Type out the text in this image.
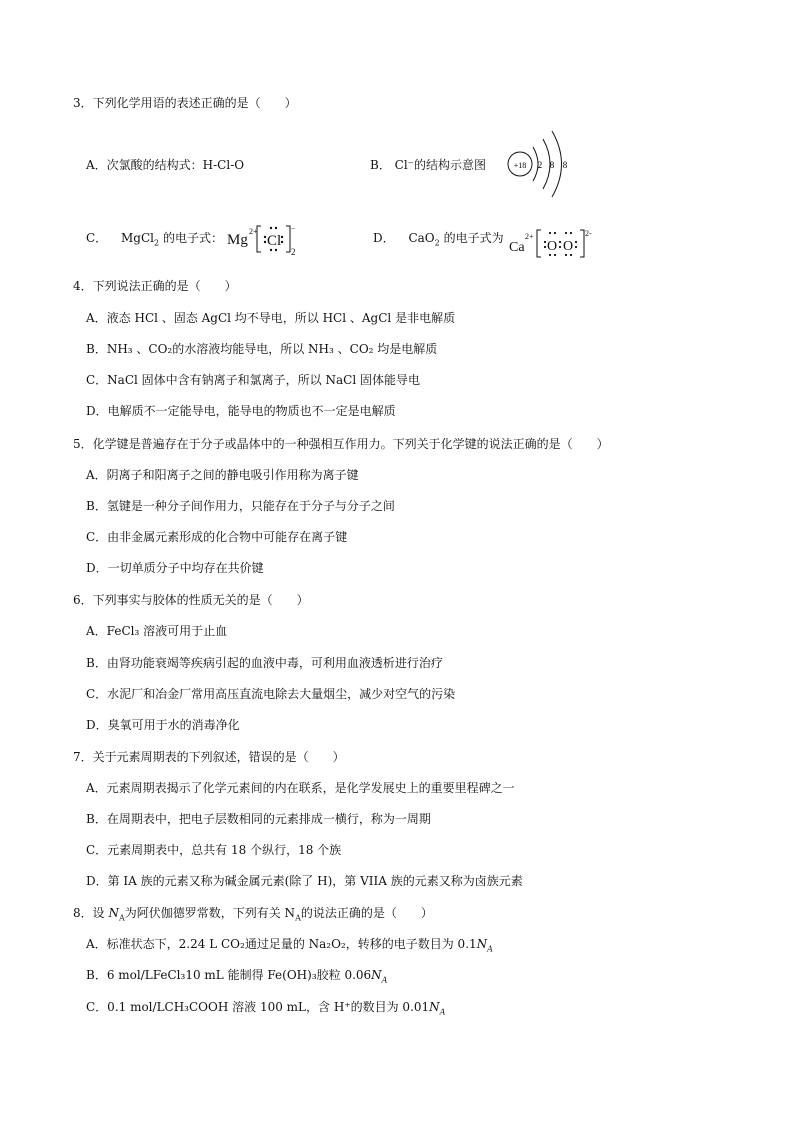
3．下列化学用语的表述正确的是（　　）
A．次氯酸的结构式：H-Cl-O	B． Cl⁻的结构示意图	+18 2 8 8
C． MgCl$_2$ 的电子式： Mg
2+
Cl
−
2
D． CaO$_2$ 的电子式为
Ca
2+
O O
2-
4．下列说法正确的是（　　）
A．液态 HCl 、固态 AgCl 均不导电，所以 HCl 、AgCl 是非电解质
B．NH₃ 、CO₂的水溶液均能导电，所以 NH₃ 、CO₂ 均是电解质
C．NaCl 固体中含有钠离子和氯离子，所以 NaCl 固体能导电
D．电解质不一定能导电，能导电的物质也不一定是电解质
5．化学键是普遍存在于分子或晶体中的一种强相互作用力。下列关于化学键的说法正确的是（　　）
A．阴离子和阳离子之间的静电吸引作用称为离子键
B．氢键是一种分子间作用力，只能存在于分子与分子之间
C．由非金属元素形成的化合物中可能存在离子键
D．一切单质分子中均存在共价键
6．下列事实与胶体的性质无关的是（　　）
A．FeCl₃ 溶液可用于止血
B．由肾功能衰竭等疾病引起的血液中毒，可利用血液透析进行治疗
C．水泥厂和冶金厂常用高压直流电除去大量烟尘，减少对空气的污染
D．臭氧可用于水的消毒净化
7．关于元素周期表的下列叙述，错误的是（　　）
A．元素周期表揭示了化学元素间的内在联系，是化学发展史上的重要里程碑之一
B．在周期表中，把电子层数相同的元素排成一横行，称为一周期
C．元素周期表中，总共有 18 个纵行，18 个族
D．第 IA 族的元素又称为碱金属元素(除了 H)，第 VIIA 族的元素又称为卤族元素
8．设 $N_A$为阿伏伽德罗常数，下列有关 $N_A$的说法正确的是（　　）
A．标准状态下，2.24 L CO₂通过足量的 Na₂O₂，转移的电子数目为 $0.1N_A$
B．6 mol/LFeCl₃10 mL 能制得 Fe(OH)₃胶粒 $0.06N_A$
C．0.1 mol/LCH₃COOH 溶液 100 mL，含 H⁺的数目为 $0.01N_A$
